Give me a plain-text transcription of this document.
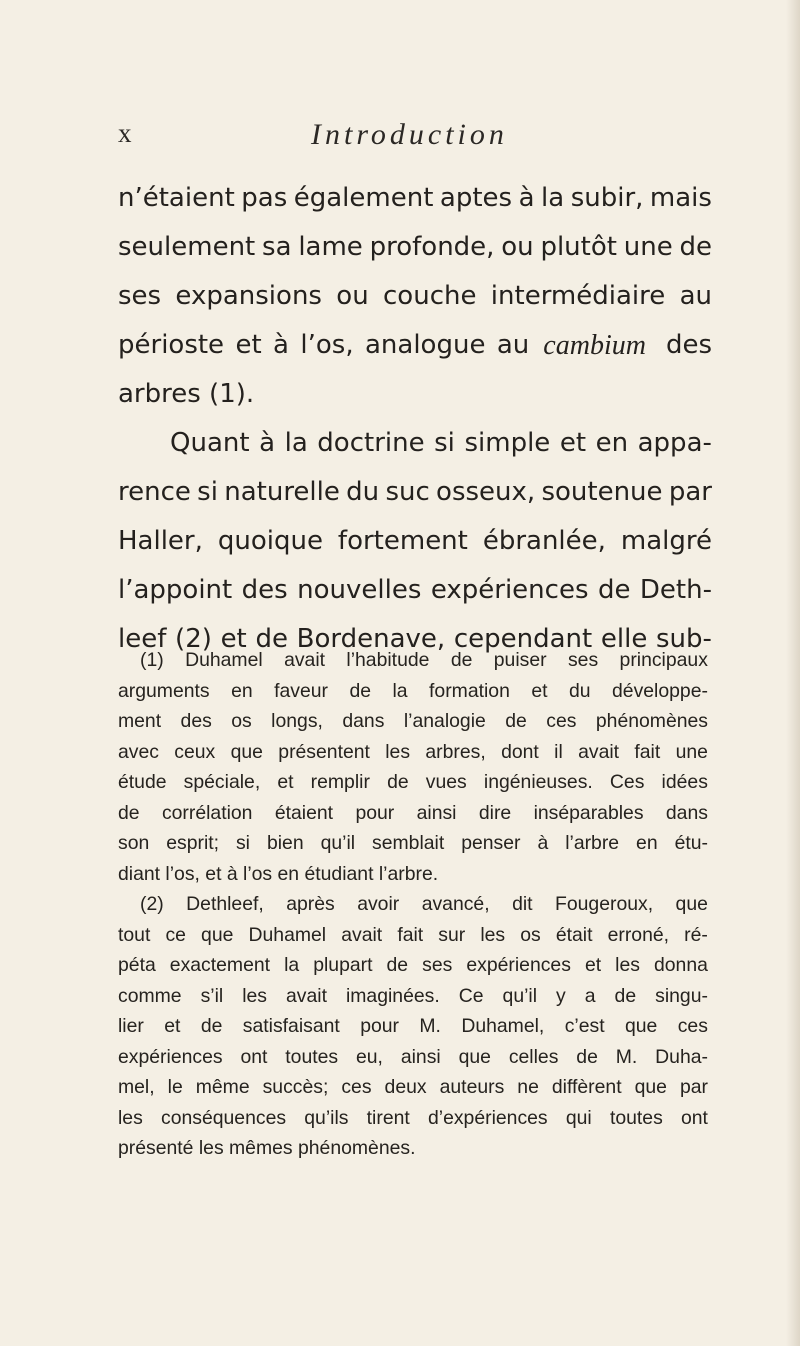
x	Introduction
n’étaient pas également aptes à la subir, mais
seulement sa lame profonde, ou plutôt une de
ses expansions ou couche intermédiaire au
périoste et à l’os, analogue au cambium des
arbres (1).
Quant à la doctrine si simple et en appa-
rence si naturelle du suc osseux, soutenue par
Haller, quoique fortement ébranlée, malgré
l’appoint des nouvelles expériences de Deth-
leef (2) et de Bordenave, cependant elle sub-
(1) Duhamel avait l’habitude de puiser ses principaux
arguments en faveur de la formation et du développe-
ment des os longs, dans l’analogie de ces phénomènes
avec ceux que présentent les arbres, dont il avait fait une
étude spéciale, et remplir de vues ingénieuses. Ces idées
de corrélation étaient pour ainsi dire inséparables dans
son esprit; si bien qu’il semblait penser à l’arbre en étu-
diant l’os, et à l’os en étudiant l’arbre.
(2) Dethleef, après avoir avancé, dit Fougeroux, que
tout ce que Duhamel avait fait sur les os était erroné, ré-
péta exactement la plupart de ses expériences et les donna
comme s’il les avait imaginées. Ce qu’il y a de singu-
lier et de satisfaisant pour M. Duhamel, c’est que ces
expériences ont toutes eu, ainsi que celles de M. Duha-
mel, le même succès; ces deux auteurs ne diffèrent que par
les conséquences qu’ils tirent d’expériences qui toutes ont
présenté les mêmes phénomènes.
